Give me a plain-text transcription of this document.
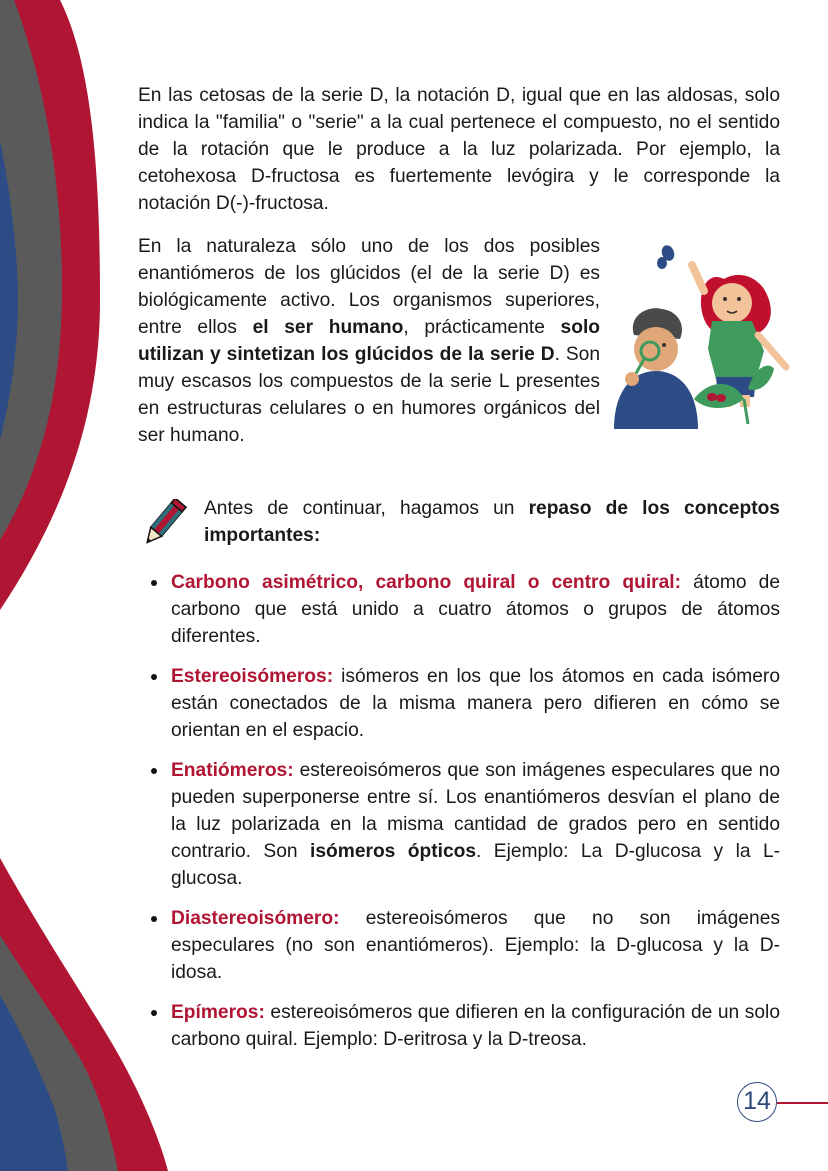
En las cetosas de la serie D, la notación D, igual que en las aldosas, solo indica la "familia" o "serie" a la cual pertenece el compuesto, no el sentido de la rotación que le produce a la luz polarizada. Por ejemplo, la cetohexosa D-fructosa es fuertemente levógira y le corresponde la notación D(-)-fructosa.

En la naturaleza sólo uno de los dos posibles enantiómeros de los glúcidos (el de la serie D) es biológicamente activo. Los organismos superiores, entre ellos el ser humano, prácticamente solo utilizan y sintetizan los glúcidos de la serie D. Son muy escasos los compuestos de la serie L presentes en estructuras celulares o en humores orgánicos del ser humano.

Antes de continuar, hagamos un repaso de los conceptos importantes:

Carbono asimétrico, carbono quiral o centro quiral: átomo de carbono que está unido a cuatro átomos o grupos de átomos diferentes.
Estereoisómeros: isómeros en los que los átomos en cada isómero están conectados de la misma manera pero difieren en cómo se orientan en el espacio.
Enatiómeros: estereoisómeros que son imágenes especulares que no pueden superponerse entre sí. Los enantiómeros desvían el plano de la luz polarizada en la misma cantidad de grados pero en sentido contrario. Son isómeros ópticos. Ejemplo: La D-glucosa y la L-glucosa.
Diastereoisómero: estereoisómeros que no son imágenes especulares (no son enantiómeros). Ejemplo: la D-glucosa y la D-idosa.
Epímeros: estereoisómeros que difieren en la configuración de un solo carbono quiral. Ejemplo: D-eritrosa y la D-treosa.
14
